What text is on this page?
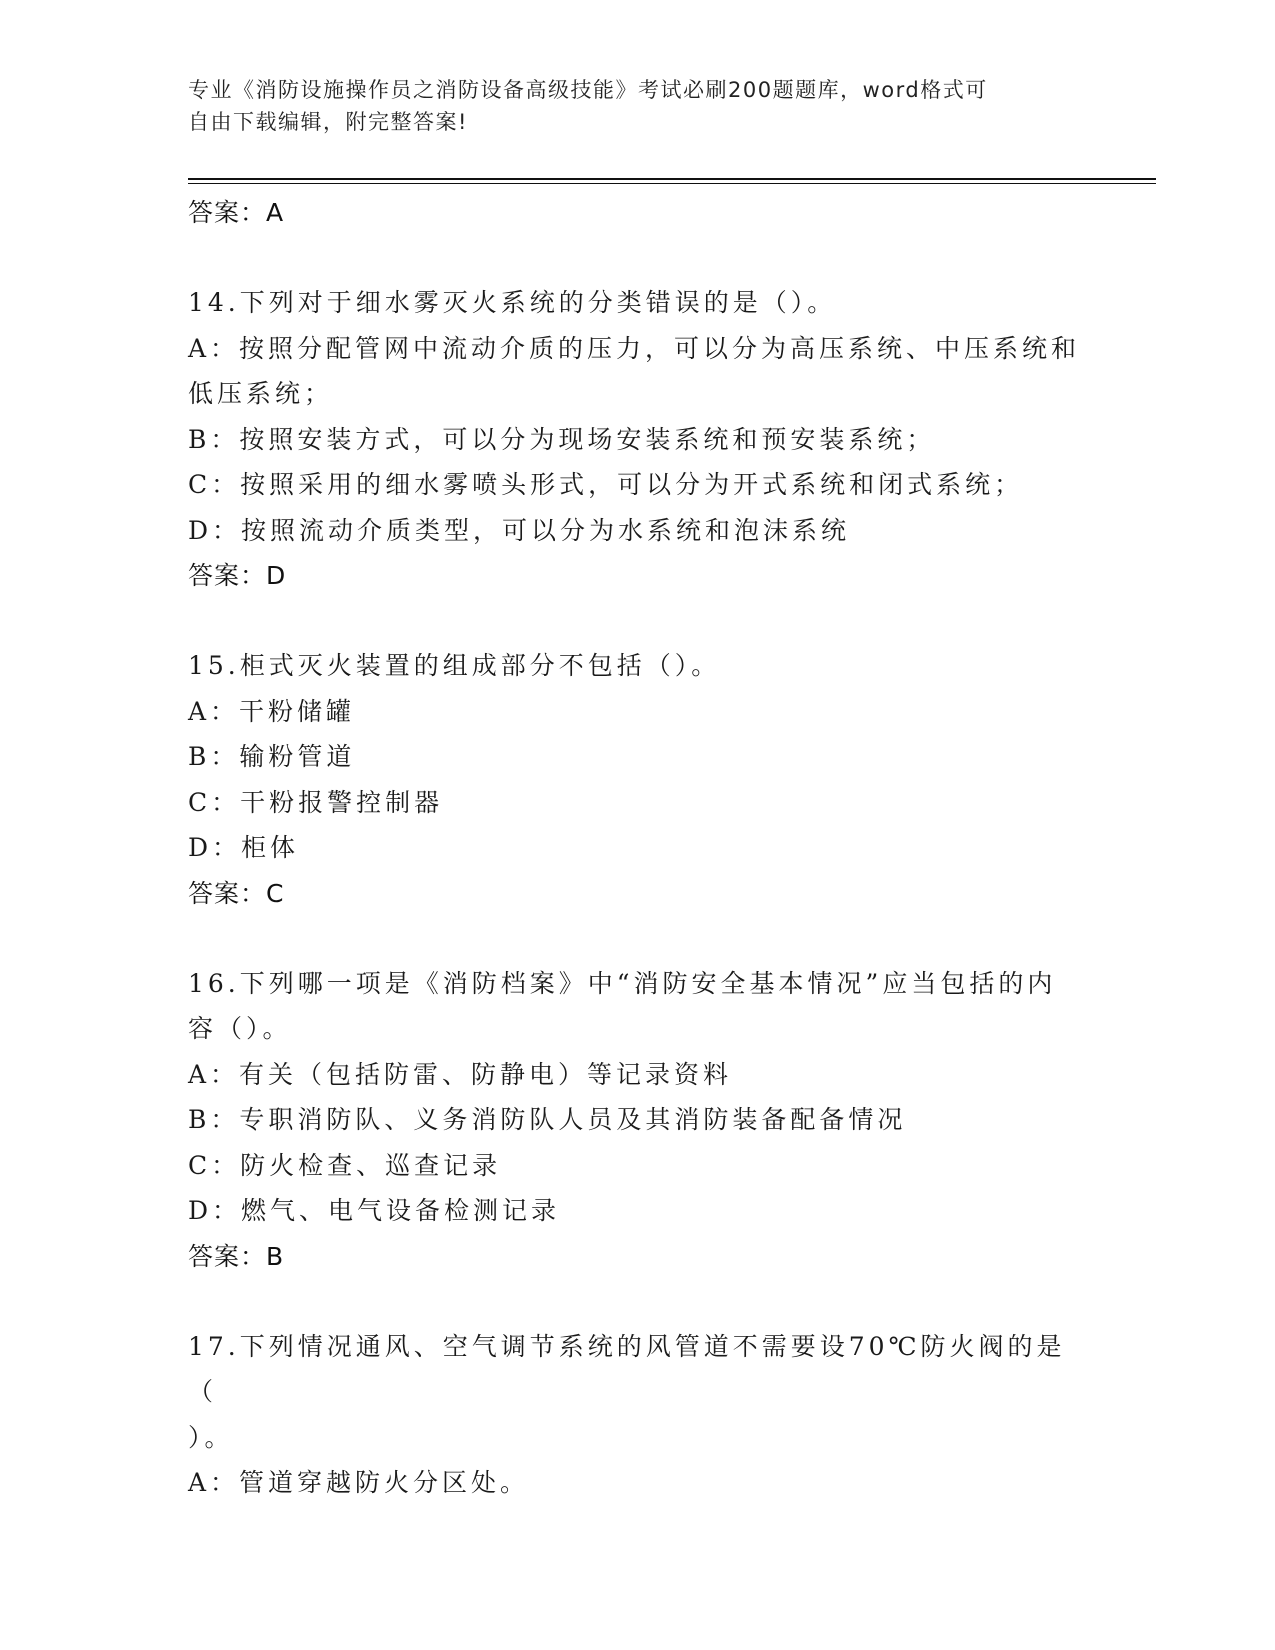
专业《消防设施操作员之消防设备高级技能》考试必刷200题题库，word格式可
自由下载编辑，附完整答案!
答案：A
14.下列对于细水雾灭火系统的分类错误的是（）。
A：按照分配管网中流动介质的压力，可以分为高压系统、中压系统和
低压系统；
B：按照安装方式，可以分为现场安装系统和预安装系统；
C：按照采用的细水雾喷头形式，可以分为开式系统和闭式系统；
D：按照流动介质类型，可以分为水系统和泡沫系统
答案：D
15.柜式灭火装置的组成部分不包括（）。
A：干粉储罐
B：输粉管道
C：干粉报警控制器
D：柜体
答案：C
16.下列哪一项是《消防档案》中“消防安全基本情况”应当包括的内
容（）。
A：有关（包括防雷、防静电）等记录资料
B：专职消防队、义务消防队人员及其消防装备配备情况
C：防火检查、巡查记录
D：燃气、电气设备检测记录
答案：B
17.下列情况通风、空气调节系统的风管道不需要设70℃防火阀的是（
）。
A：管道穿越防火分区处。
